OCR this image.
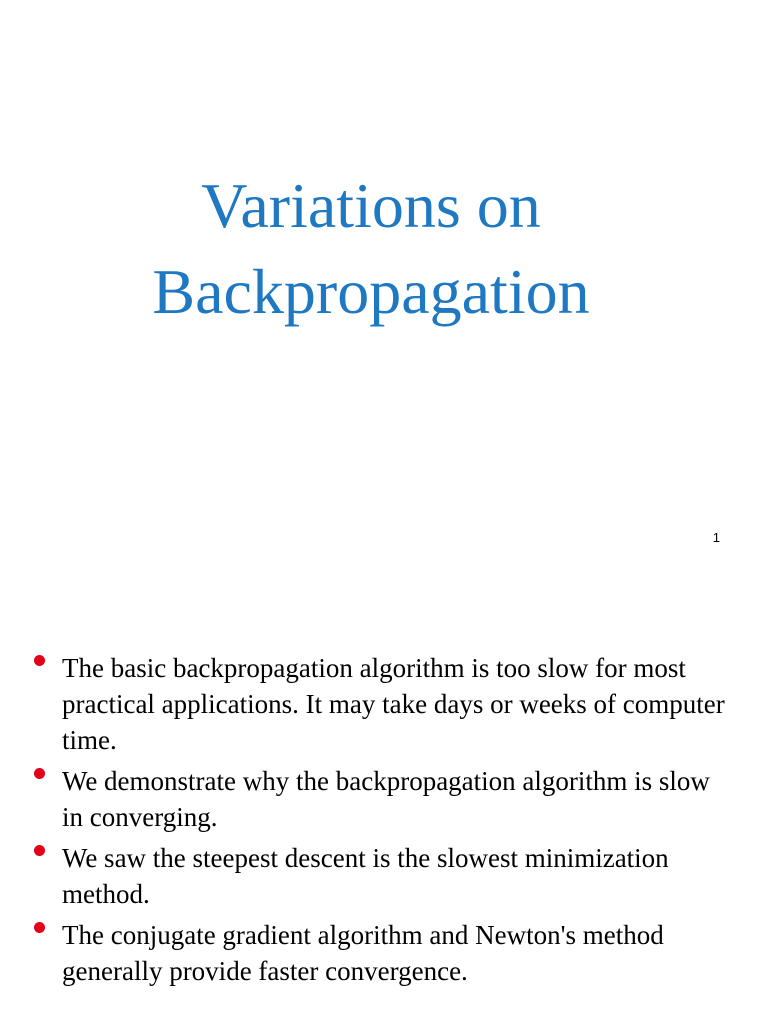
Variations on
Backpropagation
1
The basic backpropagation algorithm is too slow for most practical applications. It may take days or weeks of computer time.
We demonstrate why the backpropagation algorithm is slow in converging.
We saw the steepest descent is the slowest minimization method.
The conjugate gradient algorithm and Newton's method generally provide faster convergence.
